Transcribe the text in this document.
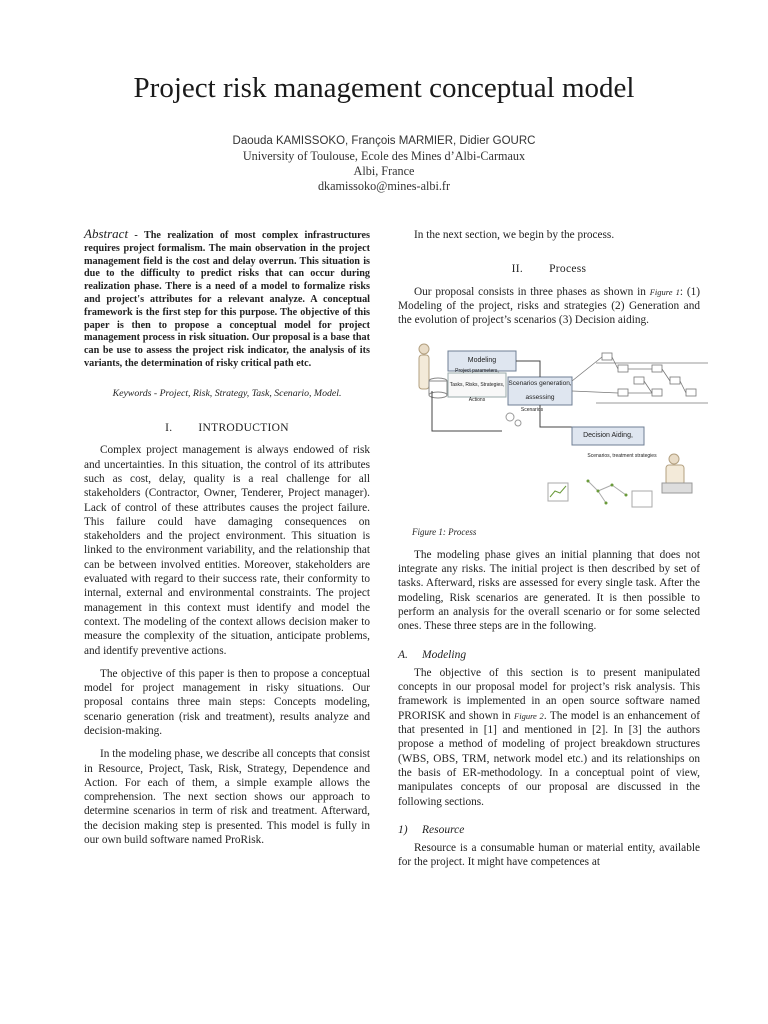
Project risk management conceptual model
Daouda KAMISSOKO, François MARMIER, Didier GOURC
University of Toulouse, Ecole des Mines d’Albi-Carmaux
Albi, France
dkamissoko@mines-albi.fr

Abstract - The realization of most complex infrastructures requires project formalism. The main observation in the project management field is the cost and delay overrun. This situation is due to the difficulty to predict risks that can occur during realization phase. There is a need of a model to formalize risks and project's attributes for a relevant analyze. A conceptual framework is the first step for this purpose. The objective of this paper is then to propose a conceptual model for project management process in risk situation. Our proposal is a base that can be use to assess the project risk indicator, the analysis of its variants, the determination of risky critical path etc.

Keywords - Project, Risk, Strategy, Task, Scenario, Model.

I. INTRODUCTION

Complex project management is always endowed of risk and uncertainties. In this situation, the control of its attributes such as cost, delay, quality is a real challenge for all stakeholders (Contractor, Owner, Tenderer, Project manager). Lack of control of these attributes causes the project failure. This failure could have damaging consequences on stakeholders and the project environment. This situation is linked to the environment variability, and the relationship that can be between involved entities. Moreover, stakeholders are evaluated with regard to their success rate, their conformity to internal, external and environmental constraints. The project management in this context must identify and model the context. The modeling of the context allows decision maker to measure the complexity of the situation, anticipate problems, and identify preventive actions.

The objective of this paper is then to propose a conceptual model for project management in risky situations. Our proposal contains three main steps: Concepts modeling, scenario generation (risk and treatment), results analyze and decision-making.

In the modeling phase, we describe all concepts that consist in Resource, Project, Task, Risk, Strategy, Dependence and Action. For each of them, a simple example allows the comprehension. The next section shows our approach to determine scenarios in term of risk and treatment. Afterward, the decision making step is presented. This model is fully in our own build software named ProRisk.

In the next section, we begin by the process.

II. Process

Our proposal consists in three phases as shown in Figure 1: (1) Modeling of the project, risks and strategies (2) Generation and the evolution of project’s scenarios (3) Decision aiding.

Modeling
Tasks, Risks, Strategies, Actions
Scenarios generation, assessing
Scenarios
Decision Aiding,
Scenarios, treatment strategies

Figure 1: Process

The modeling phase gives an initial planning that does not integrate any risks. The initial project is then described by set of tasks. Afterward, risks are assessed for every single task. After the modeling, Risk scenarios are generated. It is then possible to perform an analysis for the overall scenario or for some selected ones. These three steps are in the following.

A. Modeling

The objective of this section is to present manipulated concepts in our proposal model for project’s risk analysis. This framework is implemented in an open source software named PRORISK and shown in Figure 2. The model is an enhancement of that presented in [1] and mentioned in [2]. In [3] the authors propose a method of modeling of project breakdown structures (WBS, OBS, TRM, network model etc.) and its relationships on the basis of ER-methodology. In a conceptual point of view, manipulates concepts of our proposal are discussed in the following sections.

1) Resource

Resource is a consumable human or material entity, available for the project. It might have competences at
